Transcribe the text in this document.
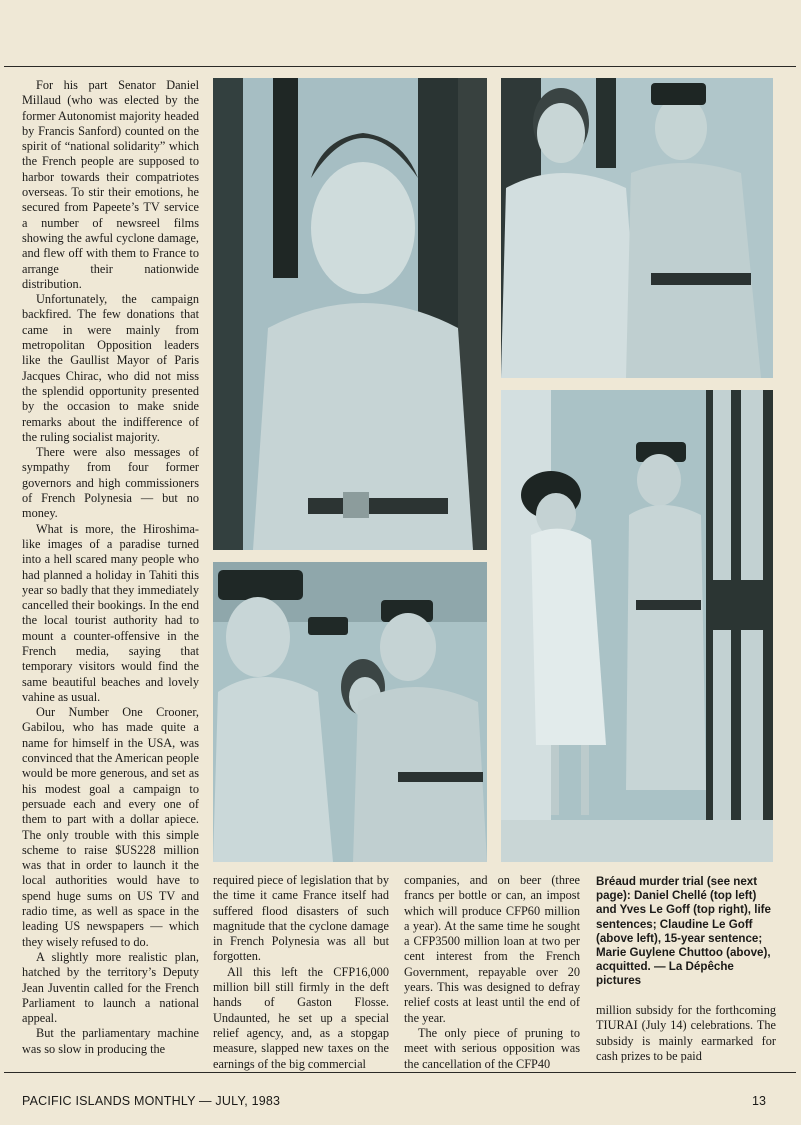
For his part Senator Daniel Millaud (who was elected by the former Autonomist majority headed by Francis Sanford) counted on the spirit of “national solidarity” which the French people are supposed to harbor towards their compatriotes overseas. To stir their emotions, he secured from Papeete’s TV service a number of newsreel films showing the awful cyclone damage, and flew off with them to France to arrange their nationwide distribution.

Unfortunately, the campaign backfired. The few donations that came in were mainly from metropolitan Opposition leaders like the Gaullist Mayor of Paris Jacques Chirac, who did not miss the splendid opportunity presented by the occasion to make snide remarks about the indifference of the ruling socialist majority.

There were also messages of sympathy from four former governors and high commissioners of French Polynesia — but no money.

What is more, the Hiroshima-like images of a paradise turned into a hell scared many people who had planned a holiday in Tahiti this year so badly that they immediately cancelled their bookings. In the end the local tourist authority had to mount a counter-offensive in the French media, saying that temporary visitors would find the same beautiful beaches and lovely vahine as usual.

Our Number One Crooner, Gabilou, who has made quite a name for himself in the USA, was convinced that the American people would be more generous, and set as his modest goal a campaign to persuade each and every one of them to part with a dollar apiece. The only trouble with this simple scheme to raise $US228 million was that in order to launch it the local authorities would have to spend huge sums on US TV and radio time, as well as space in the leading US newspapers — which they wisely refused to do.

A slightly more realistic plan, hatched by the territory’s Deputy Jean Juventin called for the French Parliament to launch a national appeal.

But the parliamentary machine was so slow in producing the

required piece of legislation that by the time it came France itself had suffered flood disasters of such magnitude that the cyclone damage in French Polynesia was all but forgotten.

All this left the CFP16,000 million bill still firmly in the deft hands of Gaston Flosse. Undaunted, he set up a special relief agency, and, as a stopgap measure, slapped new taxes on the earnings of the big commercial

companies, and on beer (three francs per bottle or can, an impost which will produce CFP60 million a year). At the same time he sought a CFP3500 million loan at two per cent interest from the French Government, repayable over 20 years. This was designed to defray relief costs at least until the end of the year.

The only piece of pruning to meet with serious opposition was the cancellation of the CFP40

Bréaud murder trial (see next page): Daniel Chellé (top left) and Yves Le Goff (top right), life sentences; Claudine Le Goff (above left), 15-year sentence; Marie Guylene Chuttoo (above), acquitted. — La Dépêche pictures

million subsidy for the forthcoming TIURAI (July 14) celebrations. The subsidy is mainly earmarked for cash prizes to be paid

PACIFIC ISLANDS MONTHLY — JULY, 1983	13
